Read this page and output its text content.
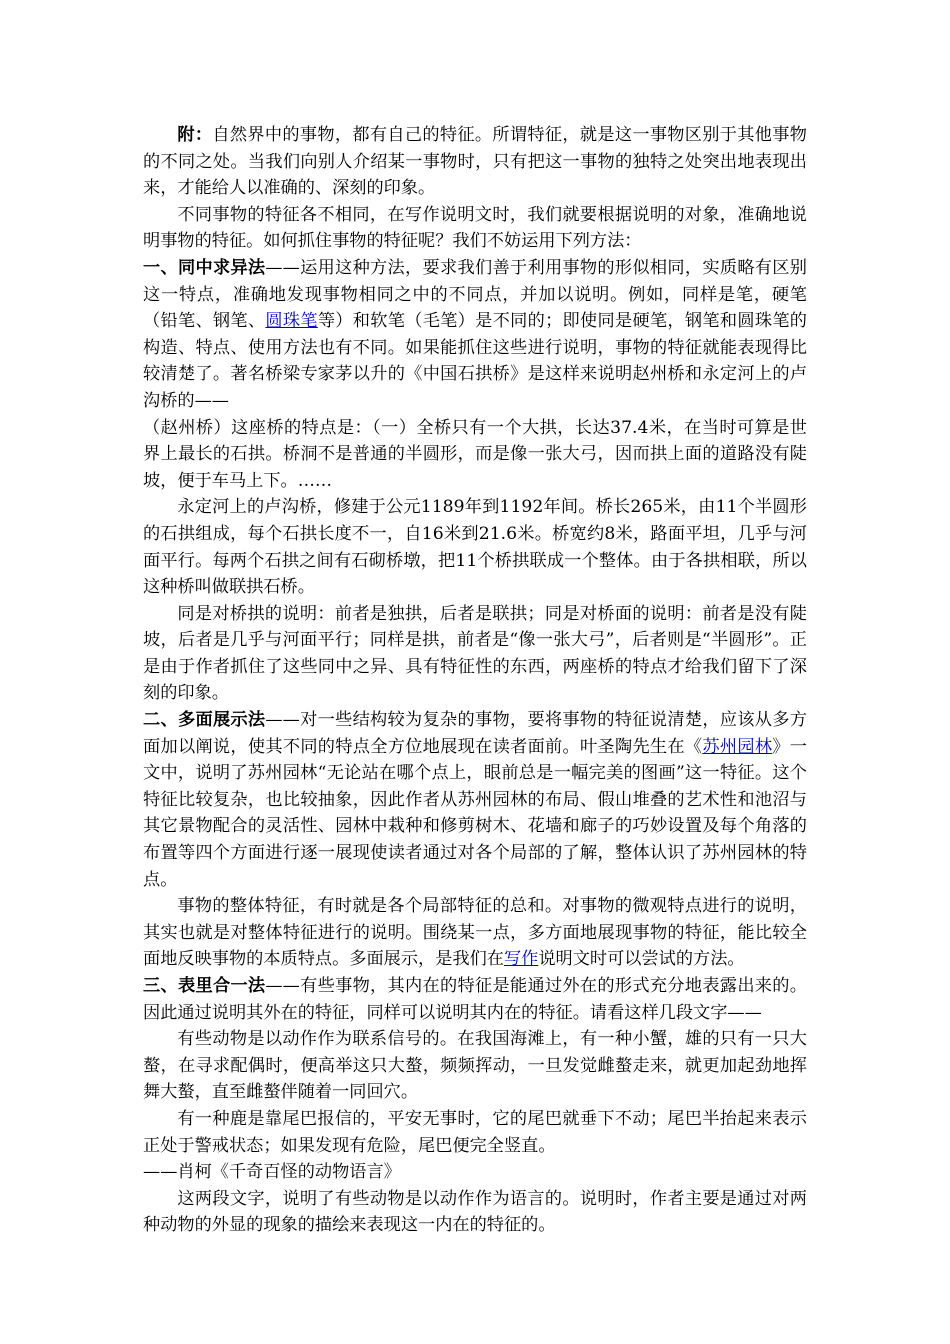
附：自然界中的事物，都有自己的特征。所谓特征，就是这一事物区别于其他事物的不同之处。当我们向别人介绍某一事物时，只有把这一事物的独特之处突出地表现出来，才能给人以准确的、深刻的印象。

不同事物的特征各不相同，在写作说明文时，我们就要根据说明的对象，准确地说明事物的特征。如何抓住事物的特征呢？我们不妨运用下列方法：

一、同中求异法——运用这种方法，要求我们善于利用事物的形似相同，实质略有区别这一特点，准确地发现事物相同之中的不同点，并加以说明。例如，同样是笔，硬笔（铅笔、钢笔、圆珠笔等）和软笔（毛笔）是不同的；即使同是硬笔，钢笔和圆珠笔的构造、特点、使用方法也有不同。如果能抓住这些进行说明，事物的特征就能表现得比较清楚了。著名桥梁专家茅以升的《中国石拱桥》是这样来说明赵州桥和永定河上的卢沟桥的——

（赵州桥）这座桥的特点是：（一）全桥只有一个大拱，长达37.4米，在当时可算是世界上最长的石拱。桥洞不是普通的半圆形，而是像一张大弓，因而拱上面的道路没有陡坡，便于车马上下。……

永定河上的卢沟桥，修建于公元1189年到1192年间。桥长265米，由11个半圆形的石拱组成，每个石拱长度不一，自16米到21.6米。桥宽约8米，路面平坦，几乎与河面平行。每两个石拱之间有石砌桥墩，把11个桥拱联成一个整体。由于各拱相联，所以这种桥叫做联拱石桥。

同是对桥拱的说明：前者是独拱，后者是联拱；同是对桥面的说明：前者是没有陡坡，后者是几乎与河面平行；同样是拱，前者是“像一张大弓”，后者则是“半圆形”。正是由于作者抓住了这些同中之异、具有特征性的东西，两座桥的特点才给我们留下了深刻的印象。

二、多面展示法——对一些结构较为复杂的事物，要将事物的特征说清楚，应该从多方面加以阐说，使其不同的特点全方位地展现在读者面前。叶圣陶先生在《苏州园林》一文中，说明了苏州园林“无论站在哪个点上，眼前总是一幅完美的图画”这一特征。这个特征比较复杂，也比较抽象，因此作者从苏州园林的布局、假山堆叠的艺术性和池沼与其它景物配合的灵活性、园林中栽种和修剪树木、花墙和廊子的巧妙设置及每个角落的布置等四个方面进行逐一展现使读者通过对各个局部的了解，整体认识了苏州园林的特点。

事物的整体特征，有时就是各个局部特征的总和。对事物的微观特点进行的说明，其实也就是对整体特征进行的说明。围绕某一点，多方面地展现事物的特征，能比较全面地反映事物的本质特点。多面展示，是我们在写作说明文时可以尝试的方法。

三、表里合一法——有些事物，其内在的特征是能通过外在的形式充分地表露出来的。因此通过说明其外在的特征，同样可以说明其内在的特征。请看这样几段文字——

有些动物是以动作作为联系信号的。在我国海滩上，有一种小蟹，雄的只有一只大螯，在寻求配偶时，便高举这只大螯，频频挥动，一旦发觉雌螯走来，就更加起劲地挥舞大螯，直至雌螯伴随着一同回穴。

有一种鹿是靠尾巴报信的，平安无事时，它的尾巴就垂下不动；尾巴半抬起来表示正处于警戒状态；如果发现有危险，尾巴便完全竖直。

——肖柯《千奇百怪的动物语言》

这两段文字，说明了有些动物是以动作作为语言的。说明时，作者主要是通过对两种动物的外显的现象的描绘来表现这一内在的特征的。
